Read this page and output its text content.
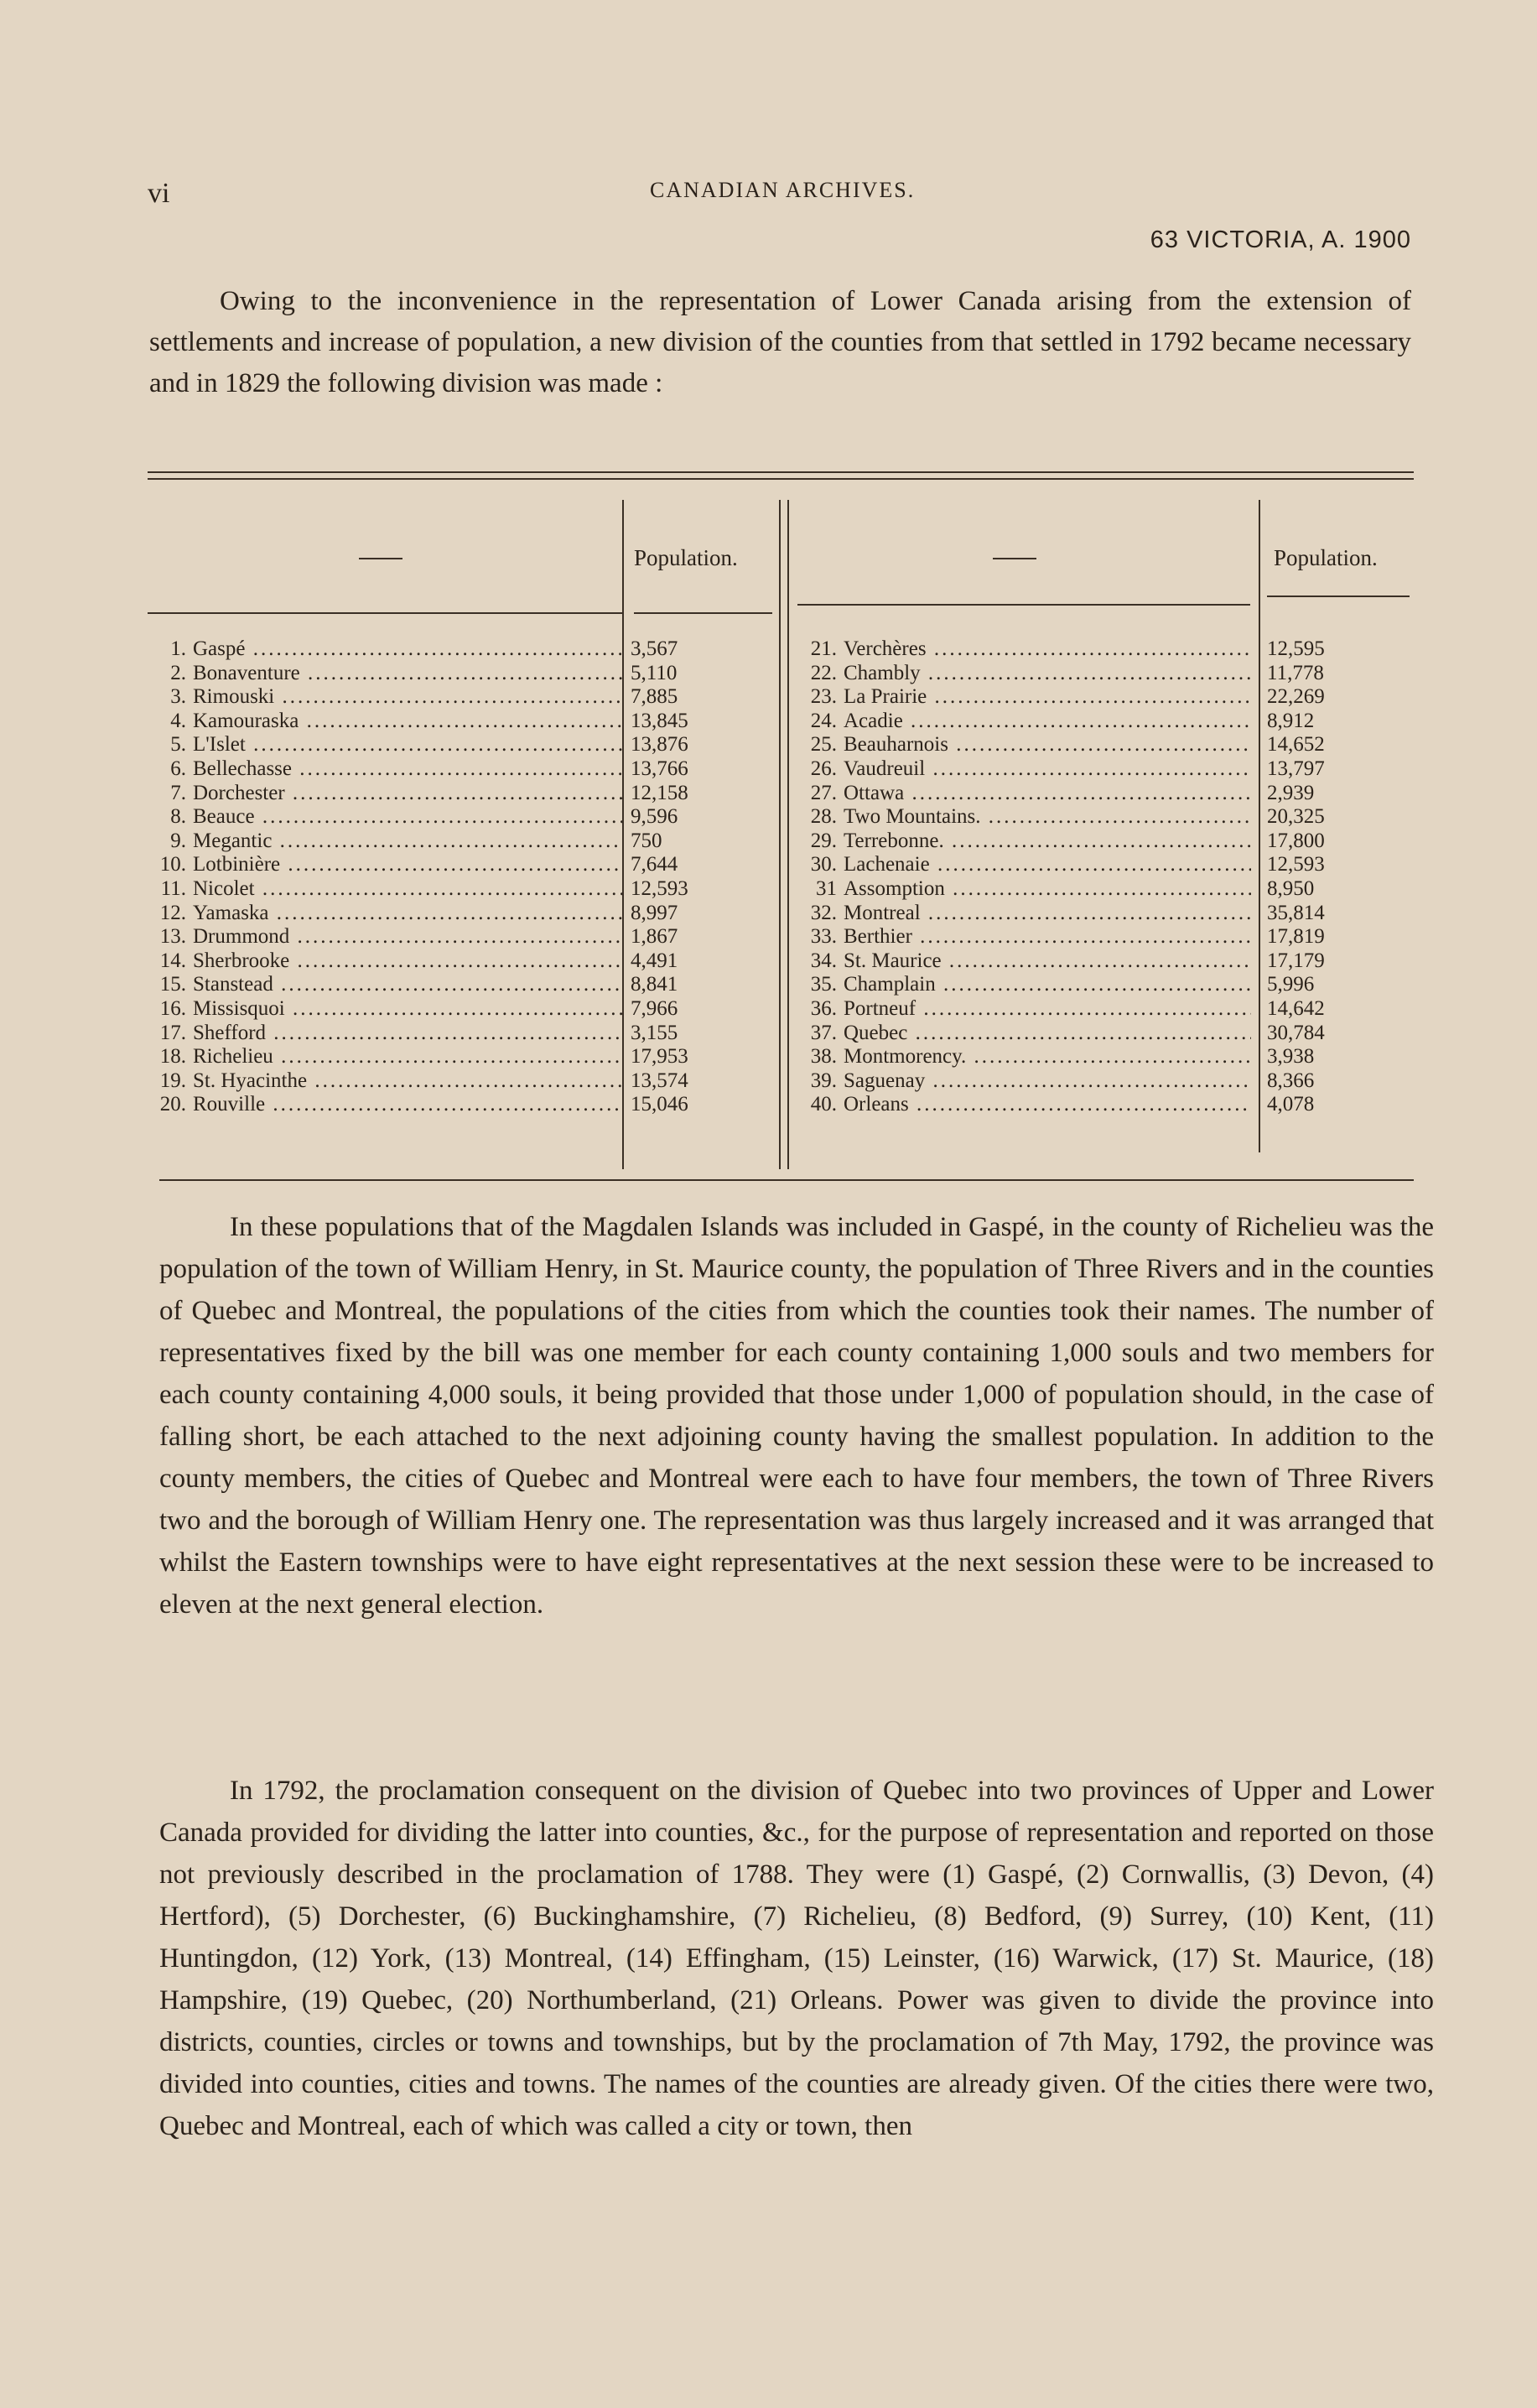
vi	CANADIAN ARCHIVES.
63 VICTORIA, A. 1900

Owing to the inconvenience in the representation of Lower Canada arising from the extension of settlements and increase of population, a new division of the counties from that settled in 1792 became necessary and in 1829 the following division was made :

Population.	Population.
1. Gaspé .....
2. Bonaventure .....
3. Rimouski .....
4. Kamouraska .....
5. L'Islet .....
6. Bellechasse .....
7. Dorchester .....
8. Beauce .....
9. Megantic .....
10. Lotbinière .....
11. Nicolet .....
12. Yamaska .....
13. Drummond .....
14. Sherbrooke .....
15. Stanstead .....
16. Missisquoi .....
17. Shefford .....
18. Richelieu .....
19. St. Hyacinthe .....
20. Rouville .....
3,567
5,110
7,885
13,845
13,876
13,766
12,158
9,596
750
7,644
12,593
8,997
1,867
4,491
8,841
7,966
3,155
17,953
13,574
15,046
21. Verchères .....
22. Chambly .....
23. La Prairie .....
24. Acadie .....
25. Beauharnois .....
26. Vaudreuil .....
27. Ottawa .....
28. Two Mountains. .....
29. Terrebonne. .....
30. Lachenaie .....
31 Assomption .....
32. Montreal .....
33. Berthier .....
34. St. Maurice .....
35. Champlain .....
36. Portneuf .....
37. Quebec .....
38. Montmorency. .....
39. Saguenay .....
40. Orleans .....
12,595
11,778
22,269
8,912
14,652
13,797
2,939
20,325
17,800
12,593
8,950
35,814
17,819
17,179
5,996
14,642
30,784
3,938
8,366
4,078

In these populations that of the Magdalen Islands was included in Gaspé, in the county of Richelieu was the population of the town of William Henry, in St. Maurice county, the population of Three Rivers and in the counties of Quebec and Montreal, the populations of the cities from which the counties took their names. The number of representatives fixed by the bill was one member for each county containing 1,000 souls and two members for each county containing 4,000 souls, it being provided that those under 1,000 of population should, in the case of falling short, be each attached to the next adjoining county having the smallest population. In addition to the county members, the cities of Quebec and Montreal were each to have four members, the town of Three Rivers two and the borough of William Henry one. The representation was thus largely increased and it was arranged that whilst the Eastern townships were to have eight representatives at the next session these were to be increased to eleven at the next general election.

In 1792, the proclamation consequent on the division of Quebec into two provinces of Upper and Lower Canada provided for dividing the latter into counties, &c., for the purpose of representation and reported on those not previously described in the proclamation of 1788. They were (1) Gaspé, (2) Cornwallis, (3) Devon, (4) Hertford), (5) Dorchester, (6) Buckinghamshire, (7) Richelieu, (8) Bedford, (9) Surrey, (10) Kent, (11) Huntingdon, (12) York, (13) Montreal, (14) Effingham, (15) Leinster, (16) Warwick, (17) St. Maurice, (18) Hampshire, (19) Quebec, (20) Northumberland, (21) Orleans. Power was given to divide the province into districts, counties, circles or towns and townships, but by the proclamation of 7th May, 1792, the province was divided into counties, cities and towns. The names of the counties are already given. Of the cities there were two, Quebec and Montreal, each of which was called a city or town, then
